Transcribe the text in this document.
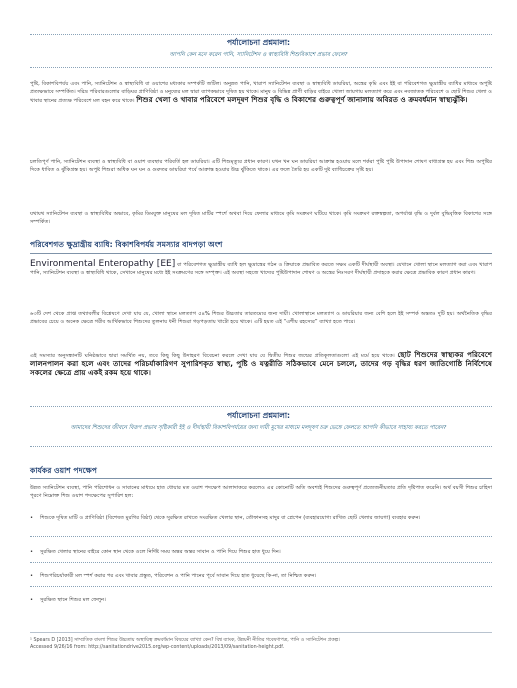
পর্যালোচনা প্রশ্নমালা:
আপনি কেন মনে করেন পানি, স্যানিটেশন ও স্বাস্থ্যবিধি শিশুবিকাশে প্রভাব ফেলে?
পুষ্টি, বিকাশবিপর্যয় এবং পানি, স্যানিটেশন ও স্বাস্থ্যবিধি বা ওয়াশের মধ্যকার সম্পর্কটি জটিল। অনুন্নত পানি, খারাপ স্যানিটেশন ব্যবস্থা ও স্বাস্থ্যবিধি ডায়রিয়া, অন্ত্রের কৃমি এবং ইই বা পরিবেশগত ক্ষুদ্রান্ত্রীয় ব্যাধির মাধ্যমে অপুষ্টি প্রত্যক্ষভাবে সম্পর্কিত। দরিদ্র পরিবারগুলোর বাড়িঘর প্রাণিবিষ্ঠা ও মনুষ্যের মল দ্বারা ব্যাপকভাবে দূষিত হয় থাকে। মানুষ ও বিভিন্ন প্রাণী বাড়ির বাইরে খোলা জায়গায় মলত্যাগ করে এবং নবজাতক পরিবেশে ও ছোট শিশুর খেলা ও খাবার স্থানের প্রত্যক্ষ পরিবেশে মল বহন করে থাকে। শিশুর খেলা ও খাবার পরিবেশে মলদূষণ শিশুর বৃদ্ধি ও বিকাশের গুরুত্বপূর্ণ জানালায় অবিরত ও ক্রমবর্ধমান স্বাস্থ্যঝুঁকি।
চলতিপূর্ণ পানি, স্যানিটেশন ব্যবস্থা ও স্বাস্থ্যবিধি বা ওয়াশ ব্যবস্থার পরিবর্তি হল ডায়রিয়া। এটি শিশুমৃত্যুর প্রধান কারণ। যখন খন ঘন ডায়রিয়া আক্রান্ত হওয়ায় মলে শর্করা পুষ্টি পুষ্টি উপাদান শোষণ বাধাগ্রস্ত হয় এবং শিশু অপুষ্টির দিকে ধাবিত ও ঝুঁকিগ্রস্ত হয়। অপুষ্ট শিশুরা অধিক ঘন ঘন ও গুরুতর ডায়রিয়া পর্বে আক্রান্ত হওয়ার উচ্চ ঝুঁকিতে থাকে। এর ফলে তৈরি হয় একটি দুষ্ট ব্যাধিচক্রের সৃষ্টি হয়।
যথাযথ স্যানিটেশন ব্যবস্থা ও স্বাস্থ্যবিধির অভাবে, কৃমির ডিমযুক্ত মানুষের মল দূষিত মাটির স্পর্শে অথবা দিয়ে ফেলার মাধ্যমে কৃমি সংক্রমণ ঘটিয়ে থাকে। কৃমি সংক্রমণ রক্তস্বল্পতা, অপর্যাপ্ত বৃদ্ধি ও দুর্বল বুদ্ধিবৃত্তিক বিকাশের সঙ্গে সম্পর্কিত।
পরিবেশগত ক্ষুদ্রান্ত্রীয় ব্যাধি: বিকাশবিপর্যয় সমস্যার বাদপড়া অংশ
Environmental Enteropathy [EE] বা পরিবেশগত ক্ষুদ্রান্ত্রীয় ব্যাধি হল ক্ষুদ্রান্ত্রের গঠন ও ক্রিয়াকে প্রভাবিত করতে সক্ষম একটি দীর্ঘস্থায়ী অবস্থা। যেখানে খোলা স্থানে মলত্যাগ করা এবং খারাপ পানি, স্যানিটেশন ব্যবস্থা ও স্বাস্থ্যবিধি থাকে, সেখানে মানুষের মধ্যে ইই সংক্রমণের সঙ্গে সম্পৃক্ত। এই অবস্থা সহজে খাদ্যের পুষ্টিউপাদান শোষণ ও অন্ত্রের নিঃসরণ দীর্ঘস্থায়ী প্রদাহকে করার ক্ষেত্রে প্রভাবিক কারণ প্রধান কারণ।
৬৩টি দেশ থেকে প্রাপ্ত তথ্যাবলীর বিশ্লেষণে দেখা যায় যে, খোলা স্থানে মলত্যাগ ৫৪% শিশুর উচ্চতার তারতম্যের জন্য দায়ী। খোলাস্থানে মলত্যাগ ও ডায়রিয়ার জন্য বেশি হলে ইই সম্পর্ক অন্ততঃ দুটি হয়। অর্থনৈতিক বৃদ্ধির প্রভাবের চেয়ে ও অনেক ক্ষেত্রে গরীব আর্থিকভাবে শিশুদের তুলনায় ধনী শিশুরা গড়পড়তায় খাটো হয়ে থাকে। এটি হয়ত এই “এশীয় রহস্যের” ব্যাখ্যা হতে পারে।
এই সমস্যার অনুসন্ধানটি ঘনিষ্ঠভাবে দ্বারা সমর্থিত নয়, তবে কিছু কিছু উদাহরণ বিবেচনা করলে দেখা যায় যে দ্বিতীয় শিশুর জন্মের প্রতিকূলতাগুলো এই মর্মে হয়ে থাকে। ছোট শিশুদের স্বাস্থ্যকর পরিবেশে লালনপালন করা হলে এবং তাদের পরিচর্যাকারিগণ সুপারিশকৃত স্বাস্থ্য, পুষ্টি ও যত্নরীতি সঠিকভাবে মেনে চললে, তাদের গড় বৃদ্ধির ধরণ জাতিগোষ্ঠি নির্বিশেষে সকলের ক্ষেত্রে প্রায় একই রকম হয়ে থাকে।
পর্যালোচনা প্রশ্নমালা:
আমাদের শিশুদের জীবনে বিরূপ প্রভাব সৃষ্টিকারী ইই ও দীর্ঘস্থায়ী বিকাশবিপর্যয়ের জন্য দায়ী মুখের মাধ্যমে মলদূষণ চক্র ভেঙ্গে ফেলতে আপনি কীভাবে সাহায্য করতে পারেন?
কার্যকর ওয়াশ পদক্ষেপ
উন্নত স্যানিটেশন ব্যবস্থা, পানি পরিশোধন ও সাবানের মাধ্যমে হাত ধোয়ার মত ওয়াশ পদক্ষেপ আলাদাকরে করলেও এর কোনোটি অতি অবশ্যই শিশুদের গুরুত্বপূর্ণ প্রত্যেজনীয়তার প্রতি দৃষ্টিপাত করেনি। অর্থ বয়সী শিশুর চাহিদা পূরণে নিম্নোক্ত শিশু ওয়াশ পদক্ষেপের সুপারিশ হল:
•	শিশুকে দূষিত মাটি ও প্রাণিবিষ্ঠা (বিশেষত মুরগির বিষ্ঠা) থেকে সুরক্ষিত রাখতে সংরক্ষিত খেলার স্থান, তৌফানসহ মাদুর বা প্লেপেন (ব্যবহারযোগ্য রাখিত ছোট খেলার জায়গা) ব্যবহার করুন।
•	সুরক্ষিত খেলার স্থানের বাইরে কোন স্থান থেকে ওলে নির্দিষ্ট সময় অন্তর অন্তর সাবান ও পানি দিয়ে শিশুর হাত ধুয়ে দিন।
•	শিশুপরিচর্যাকারী মল স্পর্শ করার পর এবং খাবার প্রস্তুত, পরিবেশন ও পানি পানের পূর্বে সাবান দিয়ে হাত ধুয়েছে কি-না, তা নিশ্চিত করুন।
•	সুরক্ষিত স্থানে শিশুর মল ফেলুন।
¹ Spears D [2013] সাম্প্রতিক বাংলা শিশুর উচ্চতায় অস্থায়িত্ব ক্রমবর্ধমান বিষয়ের ব্যাখ্যা কেন? বিশ্ব ব্যাংক, উন্নয়নী নীতির গবেষণাপত্র, পানি ও স্যানিটেশন প্রকল্প।
Accessed 9/26/16 from: http://sanitationdrive2015.org/wp-content/uploads/2013/09/sanitation-height.pdf.
